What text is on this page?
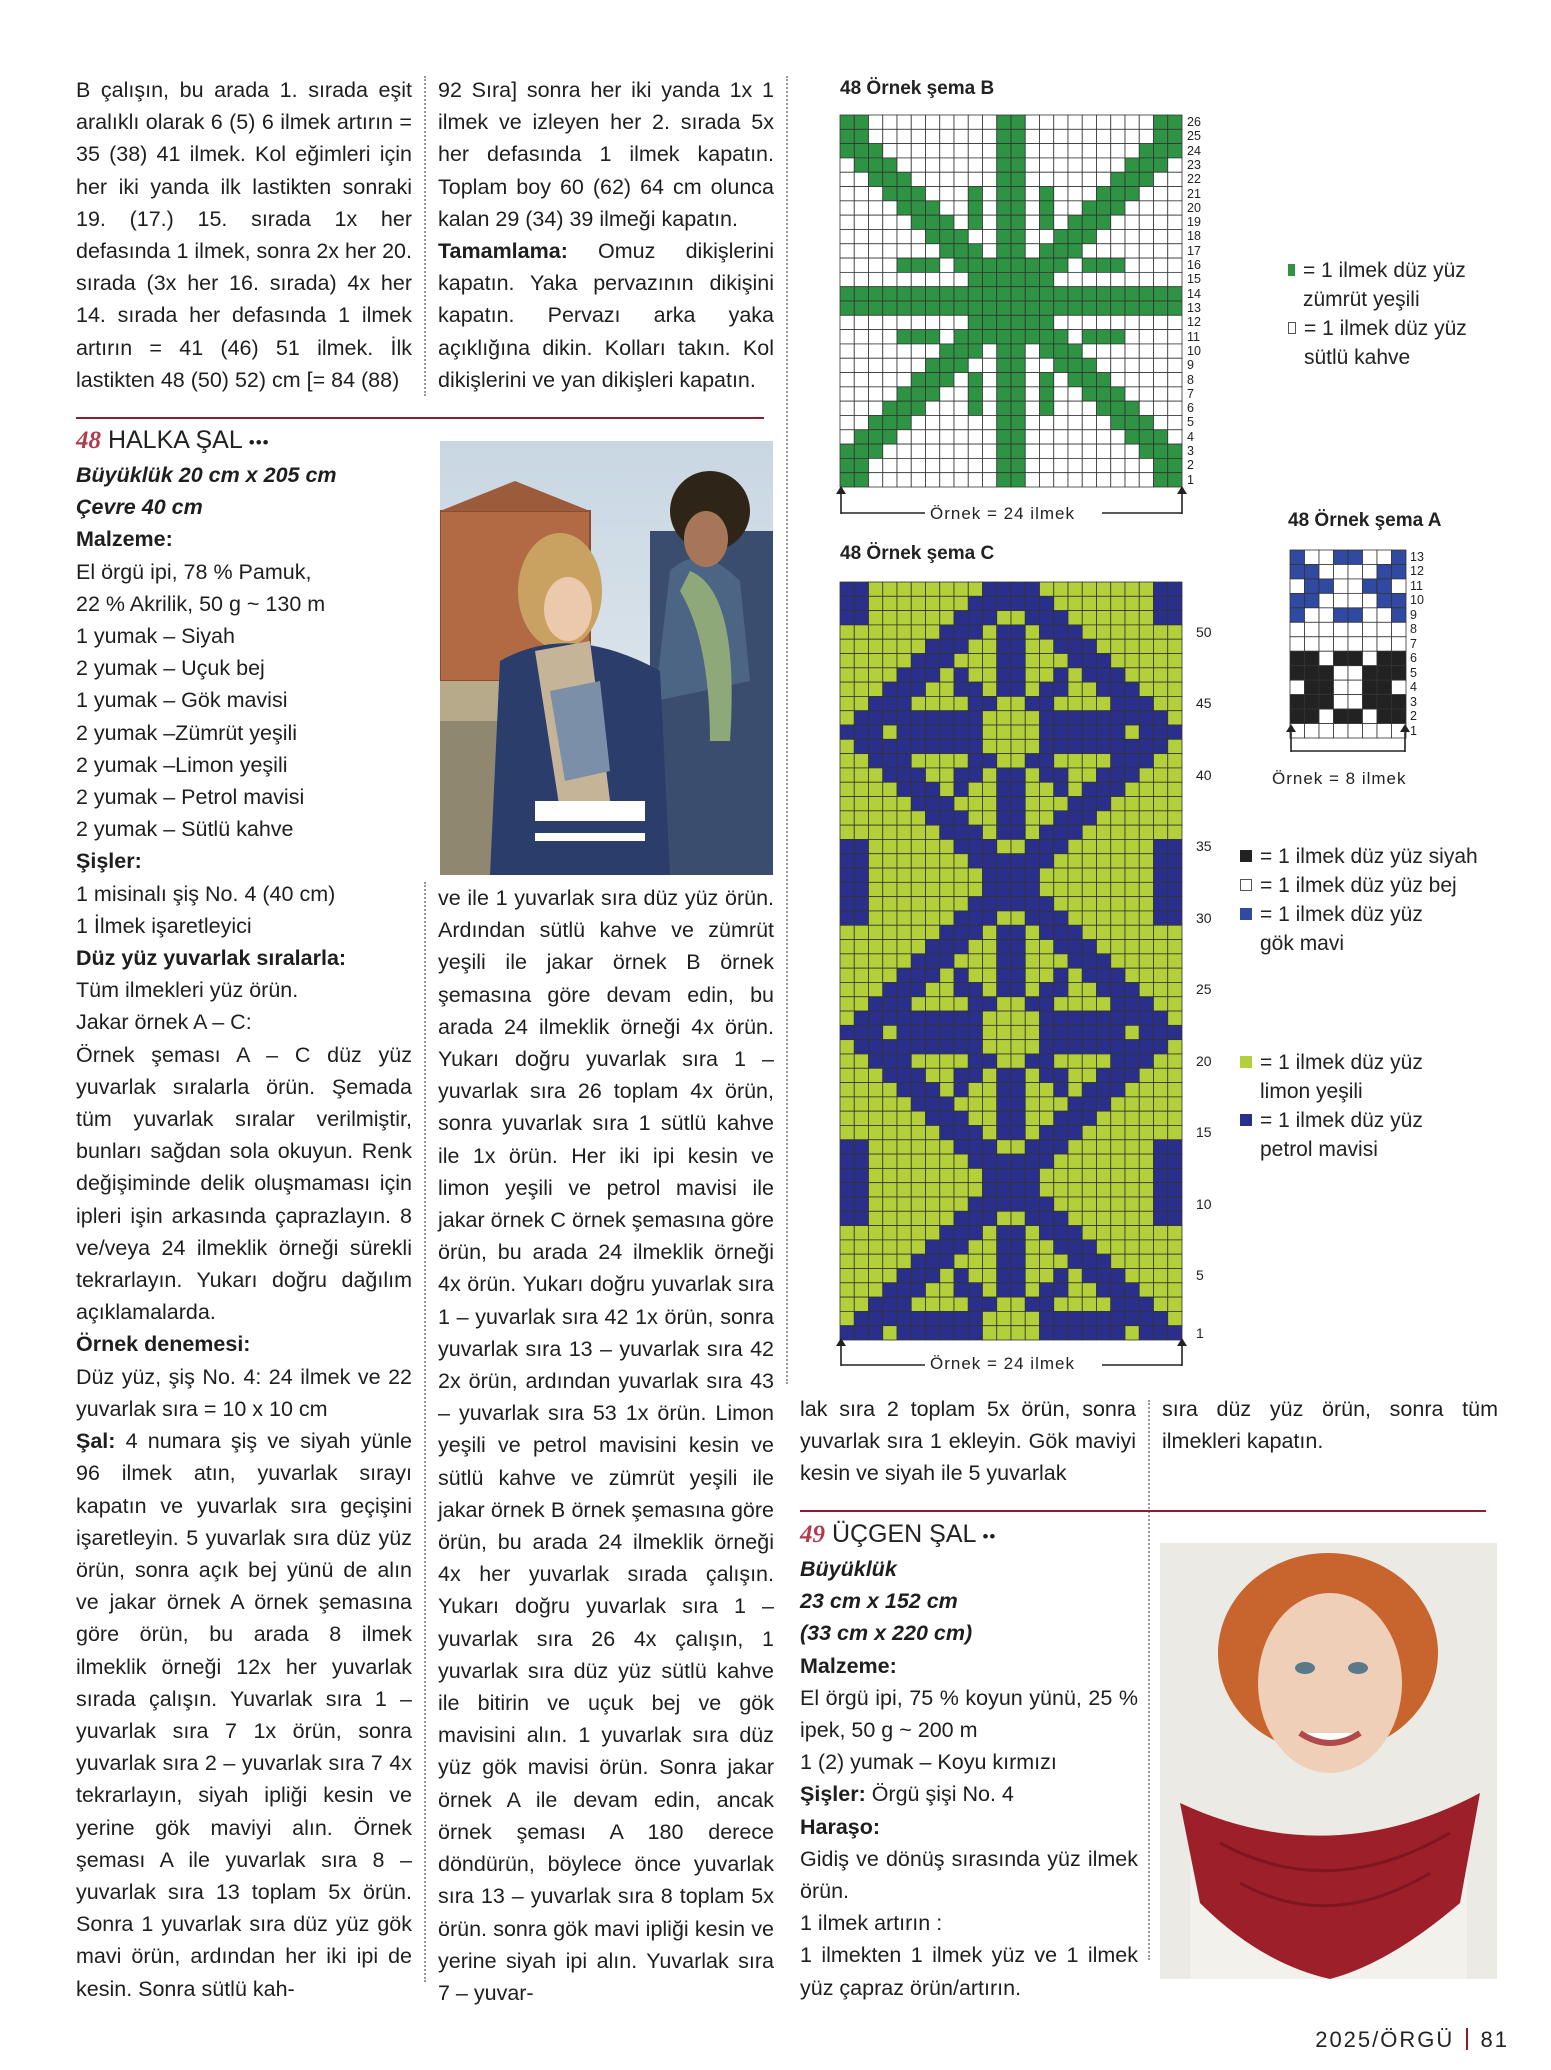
B çalışın, bu arada 1. sırada eşit aralıklı olarak 6 (5) 6 ilmek artırın = 35 (38) 41 ilmek. Kol eğimleri için her iki yanda ilk lastikten sonraki 19. (17.) 15. sırada 1x her defasında 1 ilmek, sonra 2x her 20. sırada (3x her 16. sırada) 4x her 14. sırada her defasında 1 ilmek artırın = 41 (46) 51 ilmek. İlk lastikten 48 (50) 52) cm [= 84 (88)

92 Sıra] sonra her iki yanda 1x 1 ilmek ve izleyen her 2. sırada 5x her defasında 1 ilmek kapatın. Toplam boy 60 (62) 64 cm olunca kalan 29 (34) 39 ilmeği kapatın.
Tamamlama: Omuz dikişlerini kapatın. Yaka pervazının dikişini kapatın. Pervazı arka yaka açıklığına dikin. Kolları takın. Kol dikişlerini ve yan dikişleri kapatın.

48 HALKA ŞAL •••

Büyüklük 20 cm x 205 cm

Çevre 40 cm

Malzeme:

El örgü ipi, 78 % Pamuk,

22 % Akrilik, 50 g ~ 130 m

1 yumak – Siyah

2 yumak – Uçuk bej

1 yumak – Gök mavisi

2 yumak –Zümrüt yeşili

2 yumak –Limon yeşili

2 yumak – Petrol mavisi

2 yumak – Sütlü kahve

Şişler:

1 misinalı şiş No. 4 (40 cm)

1 İlmek işaretleyici

Düz yüz yuvarlak sıralarla:

Tüm ilmekleri yüz örün.

Jakar örnek A – C:

Örnek şeması A – C düz yüz yuvarlak sıralarla örün. Şemada tüm yuvarlak sıralar verilmiştir, bunları sağdan sola okuyun. Renk değişiminde delik oluşmaması için ipleri işin arkasında çaprazlayın. 8 ve/veya 24 ilmeklik örneği sürekli tekrarlayın. Yukarı doğru dağılım açıklamalarda.

Örnek denemesi:

Düz yüz, şiş No. 4: 24 ilmek ve 22 yuvarlak sıra = 10 x 10 cm

Şal: 4 numara şiş ve siyah yünle 96 ilmek atın, yuvarlak sırayı kapatın ve yuvarlak sıra geçişini işaretleyin. 5 yuvarlak sıra düz yüz örün, sonra açık bej yünü de alın ve jakar örnek A örnek şemasına göre örün, bu arada 8 ilmek ilmeklik örneği 12x her yuvarlak sırada çalışın. Yuvarlak sıra 1 – yuvarlak sıra 7 1x örün, sonra yuvarlak sıra 2 – yuvarlak sıra 7 4x tekrarlayın, siyah ipliği kesin ve yerine gök maviyi alın. Örnek şeması A ile yuvarlak sıra 8 – yuvarlak sıra 13 toplam 5x örün. Sonra 1 yuvarlak sıra düz yüz gök mavi örün, ardından her iki ipi de kesin. Sonra sütlü kah-

ve ile 1 yuvarlak sıra düz yüz örün. Ardından sütlü kahve ve zümrüt yeşili ile jakar örnek B örnek şemasına göre devam edin, bu arada 24 ilmeklik örneği 4x örün. Yukarı doğru yuvarlak sıra 1 – yuvarlak sıra 26 toplam 4x örün, sonra yuvarlak sıra 1 sütlü kahve ile 1x örün. Her iki ipi kesin ve limon yeşili ve petrol mavisi ile jakar örnek C örnek şemasına göre örün, bu arada 24 ilmeklik örneği 4x örün. Yukarı doğru yuvarlak sıra 1 – yuvarlak sıra 42 1x örün, sonra yuvarlak sıra 13 – yuvarlak sıra 42 2x örün, ardından yuvarlak sıra 43 – yuvarlak sıra 53 1x örün. Limon yeşili ve petrol mavisini kesin ve sütlü kahve ve zümrüt yeşili ile jakar örnek B örnek şemasına göre örün, bu arada 24 ilmeklik örneği 4x her yuvarlak sırada çalışın. Yukarı doğru yuvarlak sıra 1 – yuvarlak sıra 26 4x çalışın, 1 yuvarlak sıra düz yüz sütlü kahve ile bitirin ve uçuk bej ve gök mavisini alın. 1 yuvarlak sıra düz yüz gök mavisi örün. Sonra jakar örnek A ile devam edin, ancak örnek şeması A 180 derece döndürün, böylece önce yuvarlak sıra 13 – yuvarlak sıra 8 toplam 5x örün. sonra gök mavi ipliği kesin ve yerine siyah ipi alın. Yuvarlak sıra 7 – yuvar-

lak sıra 2 toplam 5x örün, sonra yuvarlak sıra 1 ekleyin. Gök maviyi kesin ve siyah ile 5 yuvarlak

sıra düz yüz örün, sonra tüm ilmekleri kapatın.

49 ÜÇGEN ŞAL ••

Büyüklük

23 cm x 152 cm

(33 cm x 220 cm)

Malzeme:

El örgü ipi, 75 % koyun yünü, 25 % ipek, 50 g ~ 200 m

1 (2) yumak – Koyu kırmızı

Şişler: Örgü şişi No. 4

Haraşo:

Gidiş ve dönüş sırasında yüz ilmek örün.

1 ilmek artırın :

1 ilmekten 1 ilmek yüz ve 1 ilmek yüz çapraz örün/artırın.

48 Örnek şema B
26
25
24
23
22
21
20
19
18
17
16
15
14
13
12
11
10
9
8
7
6
5
4
3
2
1
Örnek = 24 ilmek
= 1 ilmek düz yüz zümrüt yeşili
= 1 ilmek düz yüz sütlü kahve
48 Örnek şema A
13
12
11
10
9
8
7
6
5
4
3
2
1
Örnek = 8 ilmek
= 1 ilmek düz yüz siyah
= 1 ilmek düz yüz bej
= 1 ilmek düz yüz gök mavi
48 Örnek şema C
50
45
40
35
30
25
20
15
10
5
1
Örnek = 24 ilmek
= 1 ilmek düz yüz limon yeşili
= 1 ilmek düz yüz petrol mavisi
2025/ÖRGÜ 81
